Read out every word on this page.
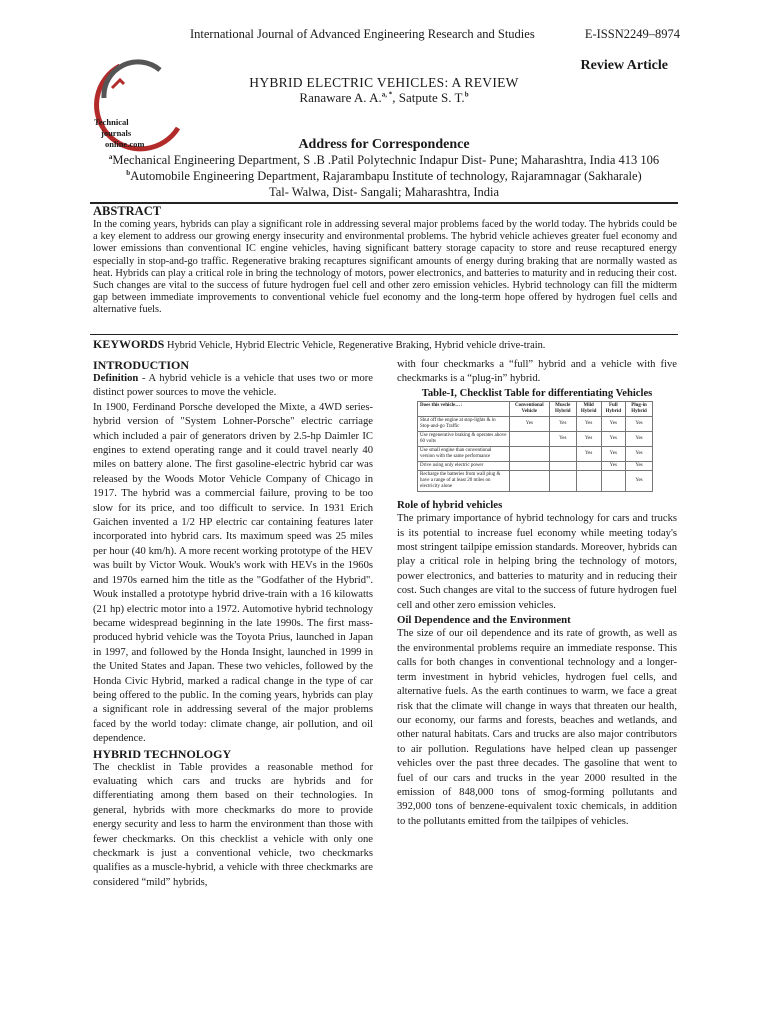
International Journal of Advanced Engineering Research and Studies	E-ISSN2249–8974
Technical
journals
online.com
Review Article
HYBRID ELECTRIC VEHICLES: A REVIEW
Ranaware A. A.$^{a, *}$, Satpute S. T.$^b$
Address for Correspondence
$^a$Mechanical Engineering Department, S .B .Patil Polytechnic Indapur Dist- Pune; Maharashtra, India 413 106
$^b$Automobile Engineering Department, Rajarambapu Institute of technology, Rajaramnagar (Sakharale)
Tal- Walwa, Dist- Sangali; Maharashtra, India
ABSTRACT
In the coming years, hybrids can play a significant role in addressing several major problems faced by the world today. The hybrids could be a key element to address our growing energy insecurity and environmental problems. The hybrid vehicle achieves greater fuel economy and lower emissions than conventional IC engine vehicles, having significant battery storage capacity to store and reuse recaptured energy especially in stop-and-go traffic. Regenerative braking recaptures significant amounts of energy during braking that are normally wasted as heat. Hybrids can play a critical role in bring the technology of motors, power electronics, and batteries to maturity and in reducing their cost. Such changes are vital to the success of future hydrogen fuel cell and other zero emission vehicles. Hybrid technology can fill the midterm gap between immediate improvements to conventional vehicle fuel economy and the long-term hope offered by hydrogen fuel cells and alternative fuels.
KEYWORDS Hybrid Vehicle, Hybrid Electric Vehicle, Regenerative Braking, Hybrid vehicle drive-train.

INTRODUCTION

Definition - A hybrid vehicle is a vehicle that uses two or more distinct power sources to move the vehicle.

In 1900, Ferdinand Porsche developed the Mixte, a 4WD series-hybrid version of "System Lohner-Porsche" electric carriage which included a pair of generators driven by 2.5-hp Daimler IC engines to extend operating range and it could travel nearly 40 miles on battery alone. The first gasoline-electric hybrid car was released by the Woods Motor Vehicle Company of Chicago in 1917. The hybrid was a commercial failure, proving to be too slow for its price, and too difficult to service. In 1931 Erich Gaichen invented a 1/2 HP electric car containing features later incorporated into hybrid cars. Its maximum speed was 25 miles per hour (40 km/h). A more recent working prototype of the HEV was built by Victor Wouk. Wouk's work with HEVs in the 1960s and 1970s earned him the title as the "Godfather of the Hybrid". Wouk installed a prototype hybrid drive-train with a 16 kilowatts (21 hp) electric motor into a 1972. Automotive hybrid technology became widespread beginning in the late 1990s. The first mass-produced hybrid vehicle was the Toyota Prius, launched in Japan in 1997, and followed by the Honda Insight, launched in 1999 in the United States and Japan. These two vehicles, followed by the Honda Civic Hybrid, marked a radical change in the type of car being offered to the public. In the coming years, hybrids can play a significant role in addressing several of the major problems faced by the world today: climate change, air pollution, and oil dependence.

HYBRID TECHNOLOGY

The checklist in Table provides a reasonable method for evaluating which cars and trucks are hybrids and for differentiating among them based on their technologies. In general, hybrids with more checkmarks do more to provide energy security and less to harm the environment than those with fewer checkmarks. On this checklist a vehicle with only one checkmark is just a conventional vehicle, two checkmarks qualifies as a muscle-hybrid, a vehicle with three checkmarks are considered “mild” hybrids,

with four checkmarks a “full” hybrid and a vehicle with five checkmarks is a “plug-in” hybrid.

Table-I, Checklist Table for differentiating Vehicles

Does this vehicle…↓	Conventional Vehicle	Muscle Hybrid	Mild Hybrid	Full Hybrid	Plug-in Hybrid
Shut off the engine at stop-lights & in Stop-and-go Traffic	Yes	Yes	Yes	Yes	Yes
Use regenerative braking & operates above 60 volts		Yes	Yes	Yes	Yes
Use small engine than conventional version with the same performance			Yes	Yes	Yes
Drive using only electric power				Yes	Yes
Recharge the batteries from wall plug & have a range of at least 20 miles on electricity alone					Yes

Role of hybrid vehicles

The primary importance of hybrid technology for cars and trucks is its potential to increase fuel economy while meeting today's most stringent tailpipe emission standards. Moreover, hybrids can play a critical role in helping bring the technology of motors, power electronics, and batteries to maturity and in reducing their cost. Such changes are vital to the success of future hydrogen fuel cell and other zero emission vehicles.

Oil Dependence and the Environment

The size of our oil dependence and its rate of growth, as well as the environmental problems require an immediate response. This calls for both changes in conventional technology and a longer-term investment in hybrid vehicles, hydrogen fuel cells, and alternative fuels. As the earth continues to warm, we face a great risk that the climate will change in ways that threaten our health, our economy, our farms and forests, beaches and wetlands, and other natural habitats. Cars and trucks are also major contributors to air pollution. Regulations have helped clean up passenger vehicles over the past three decades. The gasoline that went to fuel of our cars and trucks in the year 2000 resulted in the emission of 848,000 tons of smog-forming pollutants and 392,000 tons of benzene-equivalent toxic chemicals, in addition to the pollutants emitted from the tailpipes of vehicles.
